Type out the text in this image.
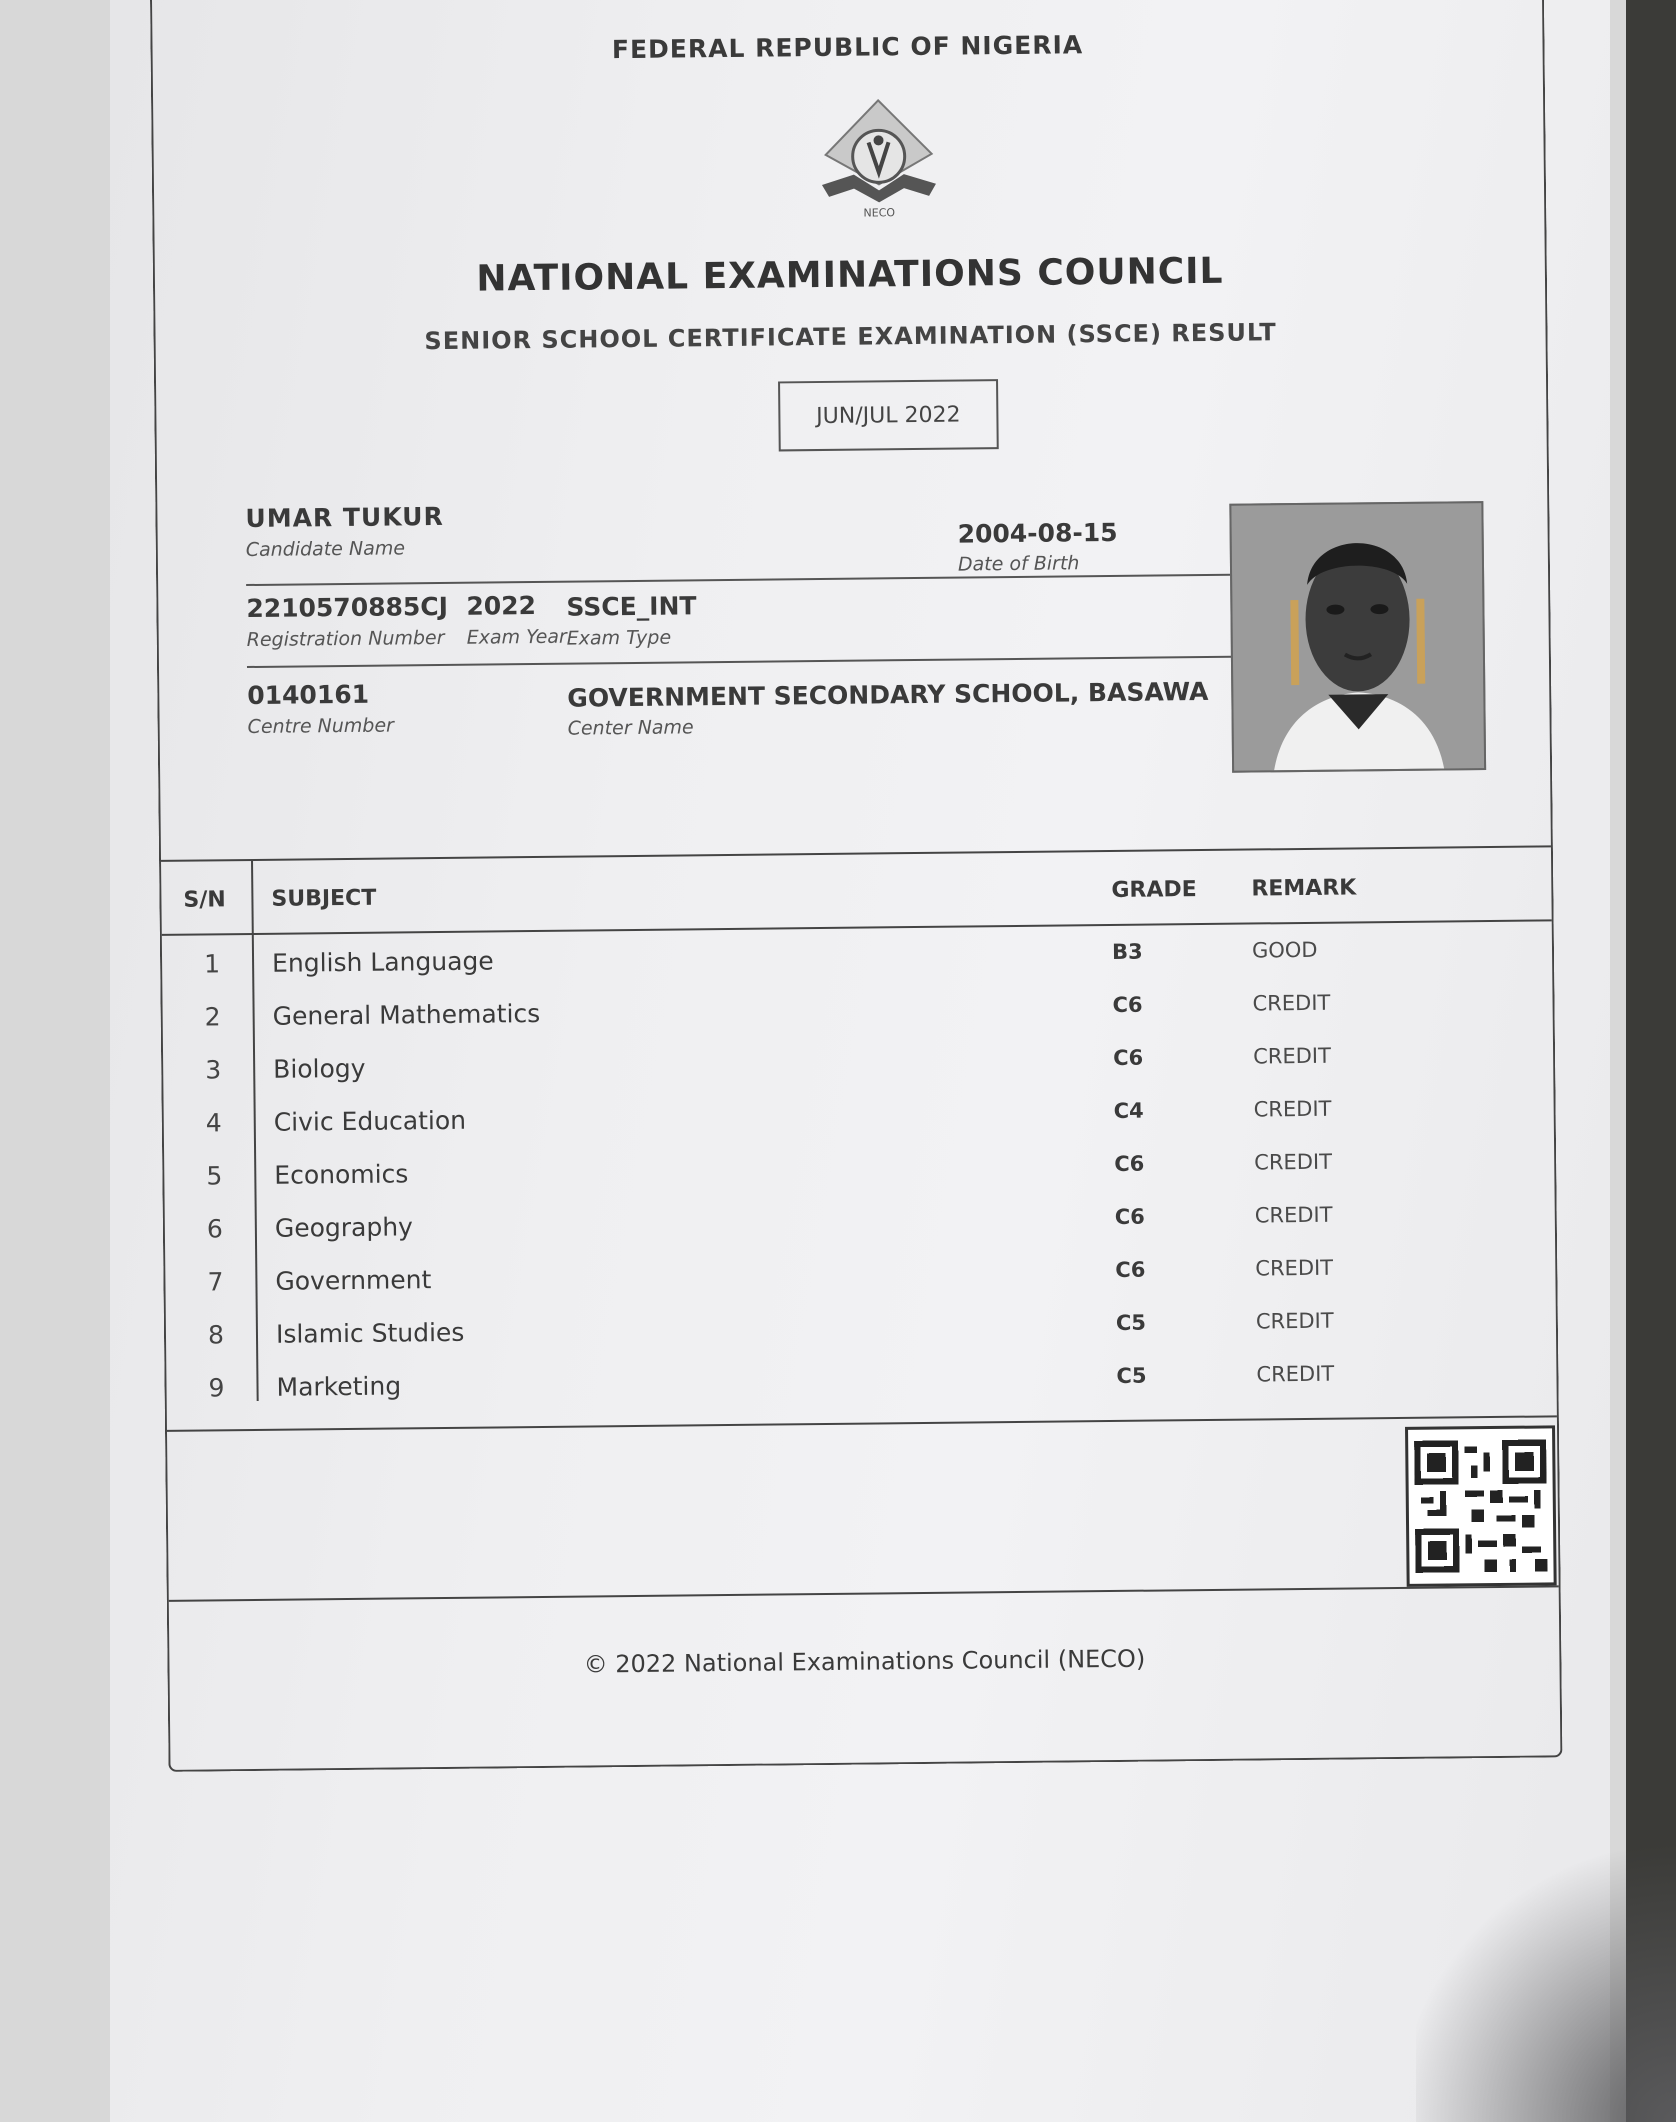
FEDERAL REPUBLIC OF NIGERIA
NECO
NATIONAL EXAMINATIONS COUNCIL
SENIOR SCHOOL CERTIFICATE EXAMINATION (SSCE) RESULT
JUN/JUL 2022
UMAR TUKUR
Candidate Name
2004-08-15
Date of Birth
2210570885CJ
Registration Number
2022
Exam Year
SSCE_INT
Exam Type
0140161
Centre Number
GOVERNMENT SECONDARY SCHOOL, BASAWA
Center Name
S/N SUBJECT	GRADE REMARK
1 English Language	B3	GOOD
2 General Mathematics	C6	CREDIT
3 Biology	C6	CREDIT
4 Civic Education	C4	CREDIT
5 Economics	C6	CREDIT
6 Geography	C6	CREDIT
7 Government	C6	CREDIT
8 Islamic Studies	C5	CREDIT
9 Marketing	C5	CREDIT
© 2022 National Examinations Council (NECO)
